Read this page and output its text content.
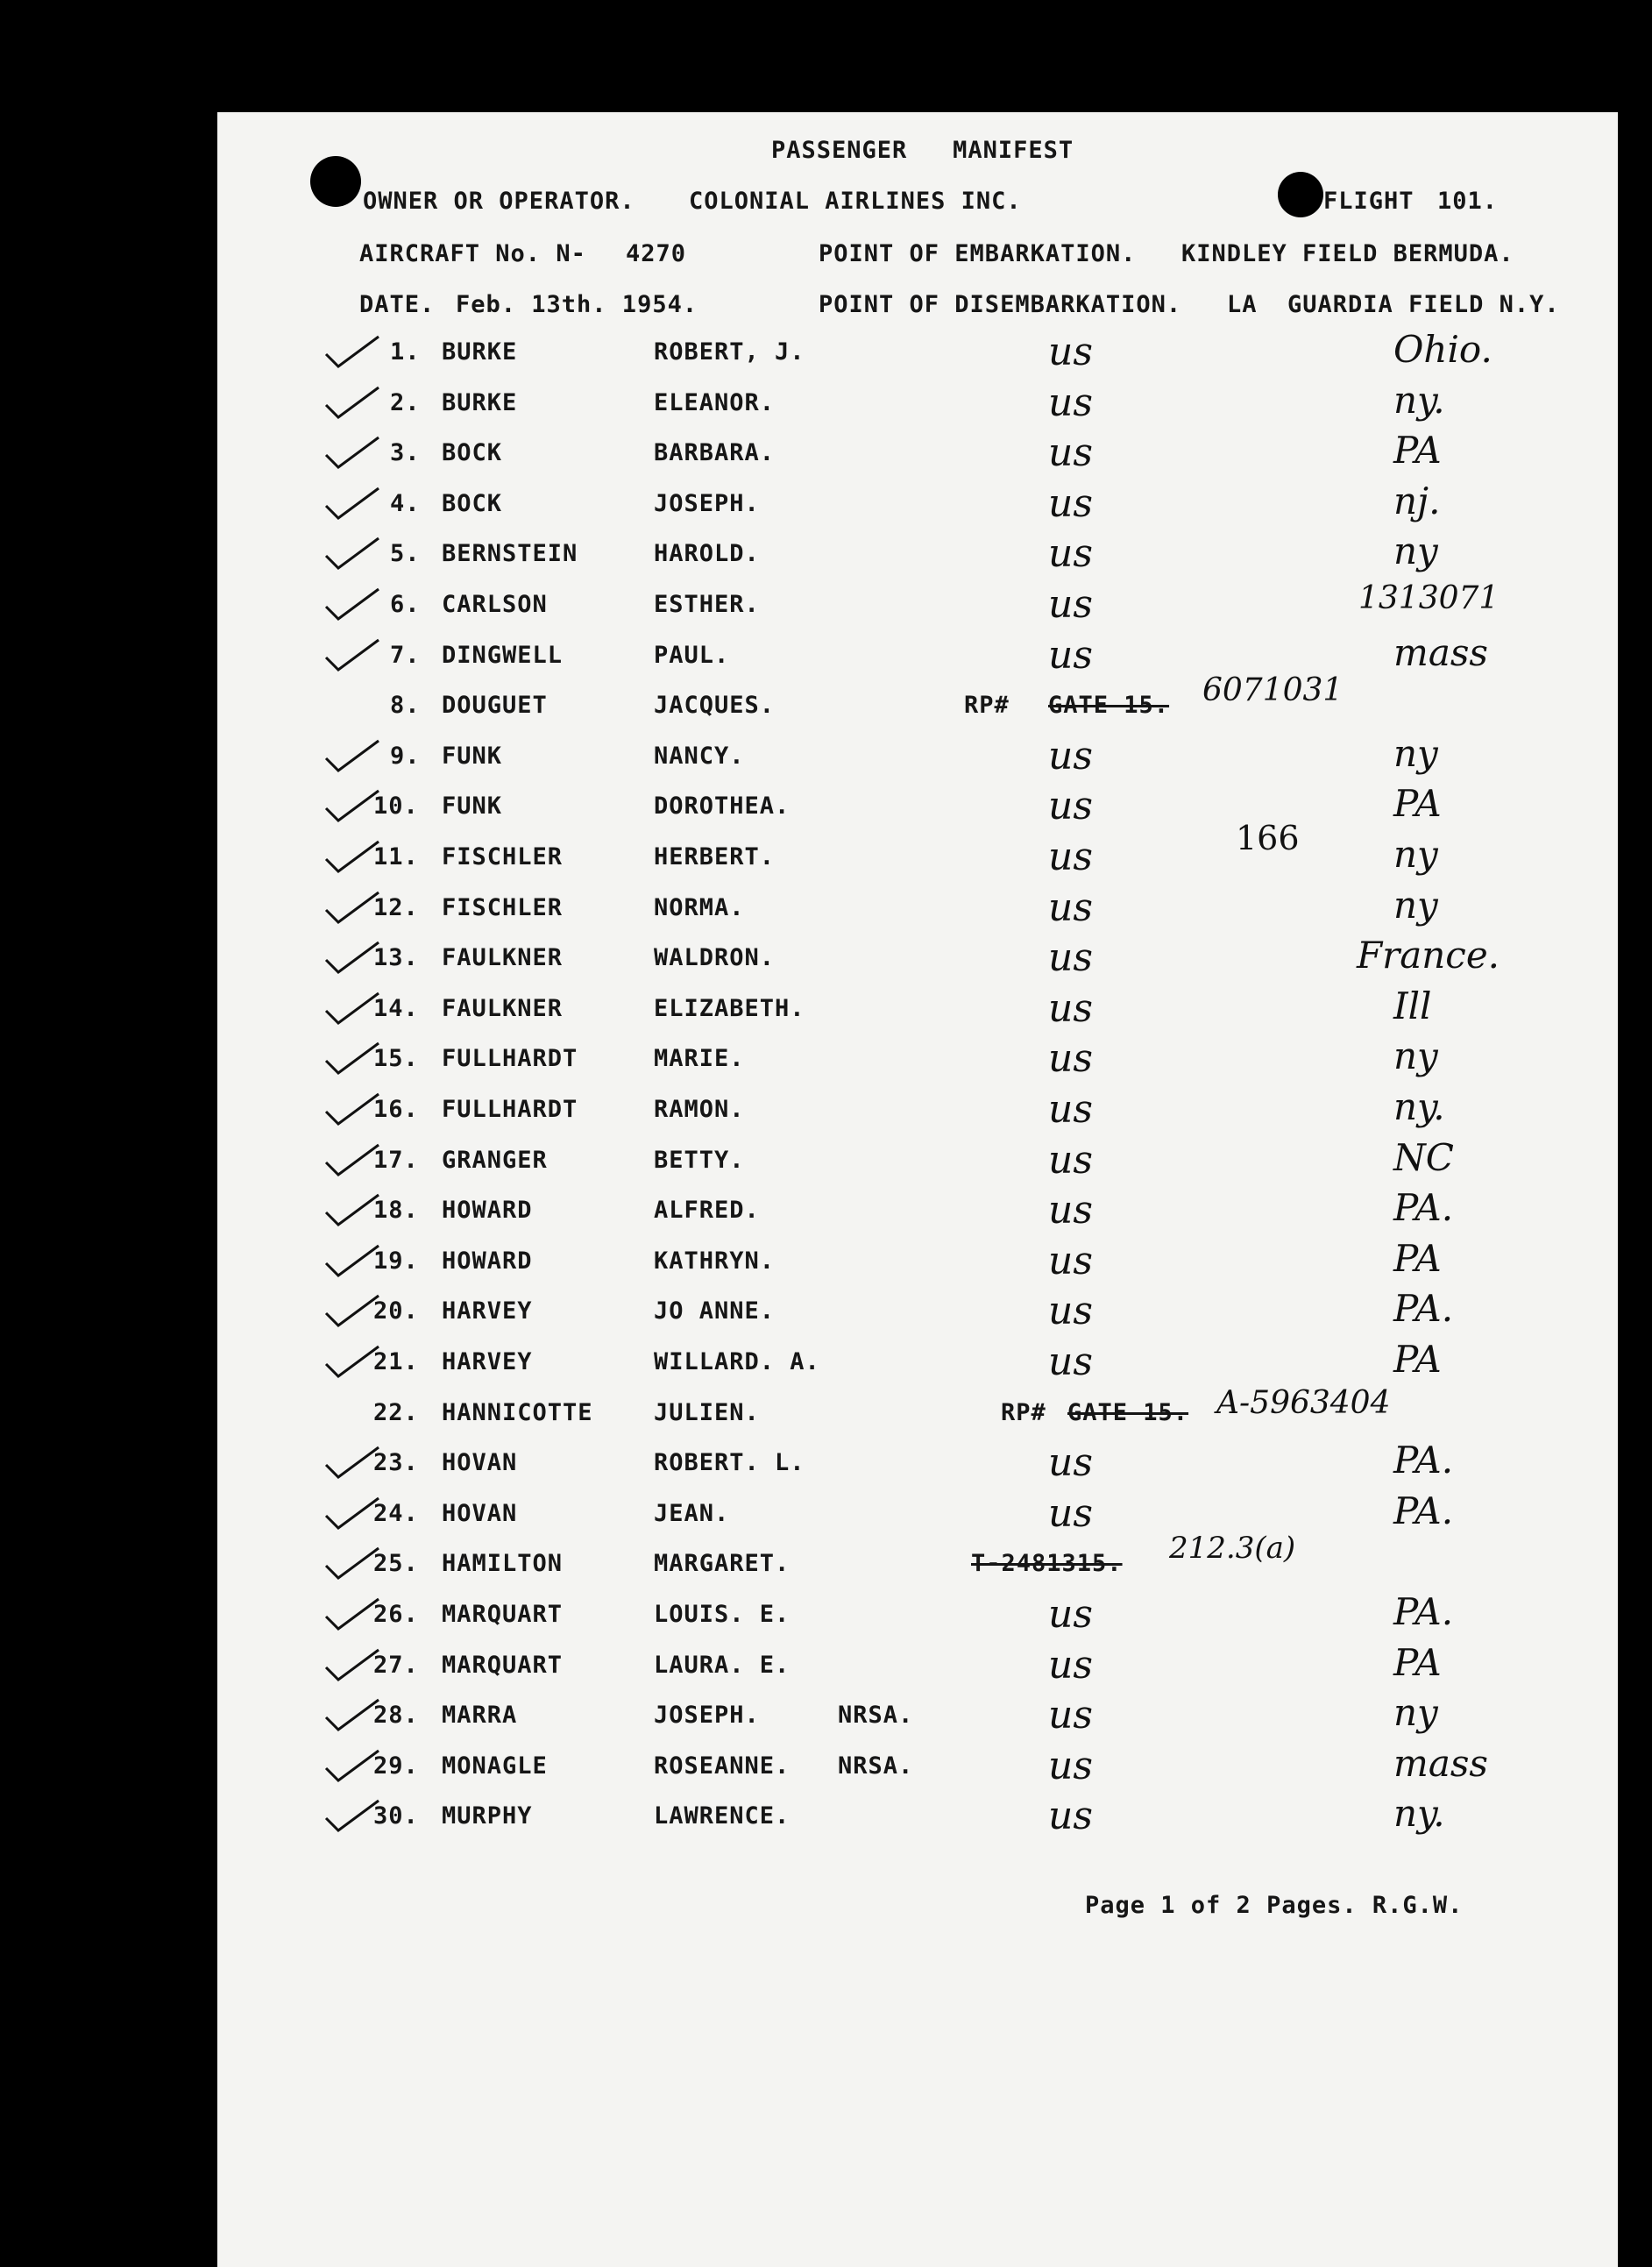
PASSENGER   MANIFEST
OWNER OR OPERATOR. COLONIAL AIRLINES INC.	FLIGHT 101.
AIRCRAFT No. N- 4270	POINT OF EMBARKATION. KINDLEY FIELD BERMUDA.
DATE. Feb. 13th. 1954.	POINT OF DISEMBARKATION. LA  GUARDIA FIELD N.Y.
1. BURKE	ROBERT, J.	us	Ohio.
2. BURKE	ELEANOR.	us	ny.
3. BOCK	BARBARA.	us	PA
4. BOCK	JOSEPH.	us	nj.
5. BERNSTEIN	HAROLD.	us	ny
6. CARLSON	ESTHER.	us	1313071
7. DINGWELL	PAUL.	us	mass
8. DOUGUET	JACQUES.	RP# GATE 15. 6071031
9. FUNK	NANCY.	us	ny
10. FUNK	DOROTHEA.	us	PA
11. FISCHLER	HERBERT.	us	ny
12. FISCHLER	NORMA.	us	ny
13. FAULKNER	WALDRON.	us	France.
14. FAULKNER	ELIZABETH.	us	Ill
15. FULLHARDT	MARIE.	us	ny
16. FULLHARDT	RAMON.	us	ny.
17. GRANGER	BETTY.	us	NC
18. HOWARD	ALFRED.	us	PA.
19. HOWARD	KATHRYN.	us	PA
20. HARVEY	JO ANNE.	us	PA.
21. HARVEY	WILLARD. A.	us	PA
22. HANNICOTTE	JULIEN.	RP# GATE 15. A-5963404
23. HOVAN	ROBERT. L.	us	PA.
24. HOVAN	JEAN.	us	PA.
25. HAMILTON	MARGARET.	T-2481315. 212.3(a)
26. MARQUART	LOUIS. E.	us	PA.
27. MARQUART	LAURA. E.	us	PA
28. MARRA	JOSEPH.	NRSA.	us	ny
29. MONAGLE	ROSEANNE. NRSA.	us	mass
30. MURPHY	LAWRENCE.	us	ny.
166
Page 1 of 2 Pages. R.G.W.
